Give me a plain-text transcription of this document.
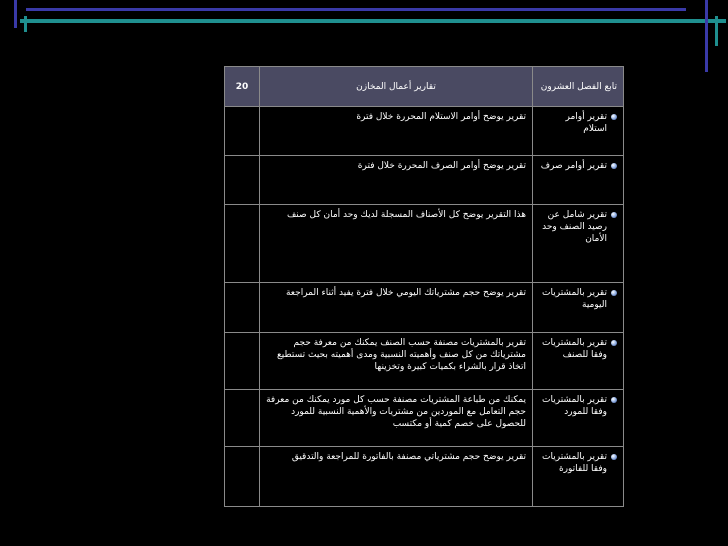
تابع الفصل العشرون	تقارير أعمال المخازن	20

تقرير أوامر استلام	تقرير يوضح أوامر الاستلام المحررة خلال فترة	

تقرير أوامر صرف	تقرير يوضح أوامر الصرف المحررة خلال فترة	

تقرير شامل عن رصيد الصنف وحد الأمان	هذا التقرير يوضح كل الأصناف المسجلة لديك وحد أمان كل صنف	

تقرير بالمشتريات اليومية	تقرير يوضح حجم مشترياتك اليومي خلال فترة يفيد أثناء المراجعة	

تقرير بالمشتريات وفقا للصنف	تقرير بالمشتريات مصنفة حسب الصنف يمكنك من معرفة حجم مشترياتك من كل صنف وأهميته النسبية ومدى أهميته بحيث تستطيع اتخاذ قرار بالشراء بكميات كبيرة وتخزينها	

تقرير بالمشتريات وفقا للمورد	يمكنك من طباعة المشتريات مصنفة حسب كل مورد يمكنك من معرفة حجم التعامل مع الموردين من مشتريات والأهمية النسبية للمورد للحصول على خصم كمية أو مكتسب	

تقرير بالمشتريات وفقا للفاتورة	تقرير يوضح حجم مشترياتي مصنفة بالفاتورة للمراجعة والتدقيق	
